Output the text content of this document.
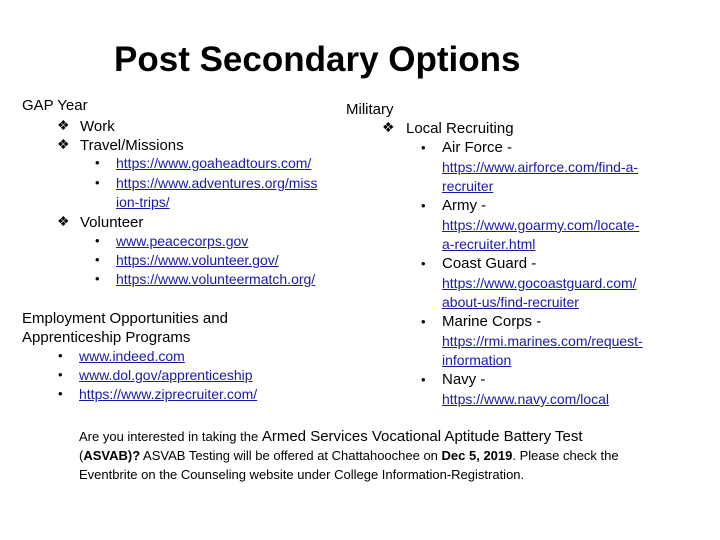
Post Secondary Options
GAP Year
❖ Work
❖ Travel/Missions
• https://www.goaheadtours.com/
• https://www.adventures.org/miss
ion-trips/
❖ Volunteer
• www.peacecorps.gov
• https://www.volunteer.gov/
• https://www.volunteermatch.org/
Employment Opportunities and
Apprenticeship Programs
• www.indeed.com
• www.dol.gov/apprenticeship
• https://www.ziprecruiter.com/
Military
❖ Local Recruiting
• Air Force -
https://www.airforce.com/find-a-
recruiter
• Army -
https://www.goarmy.com/locate-
a-recruiter.html
• Coast Guard -
https://www.gocoastguard.com/
about-us/find-recruiter
• Marine Corps -
https://rmi.marines.com/request-
information
• Navy -
https://www.navy.com/local
Are you interested in taking the Armed Services Vocational Aptitude Battery Test
(ASVAB)? ASVAB Testing will be offered at Chattahoochee on Dec 5, 2019. Please check the Eventbrite on the Counseling website under College Information-Registration.
